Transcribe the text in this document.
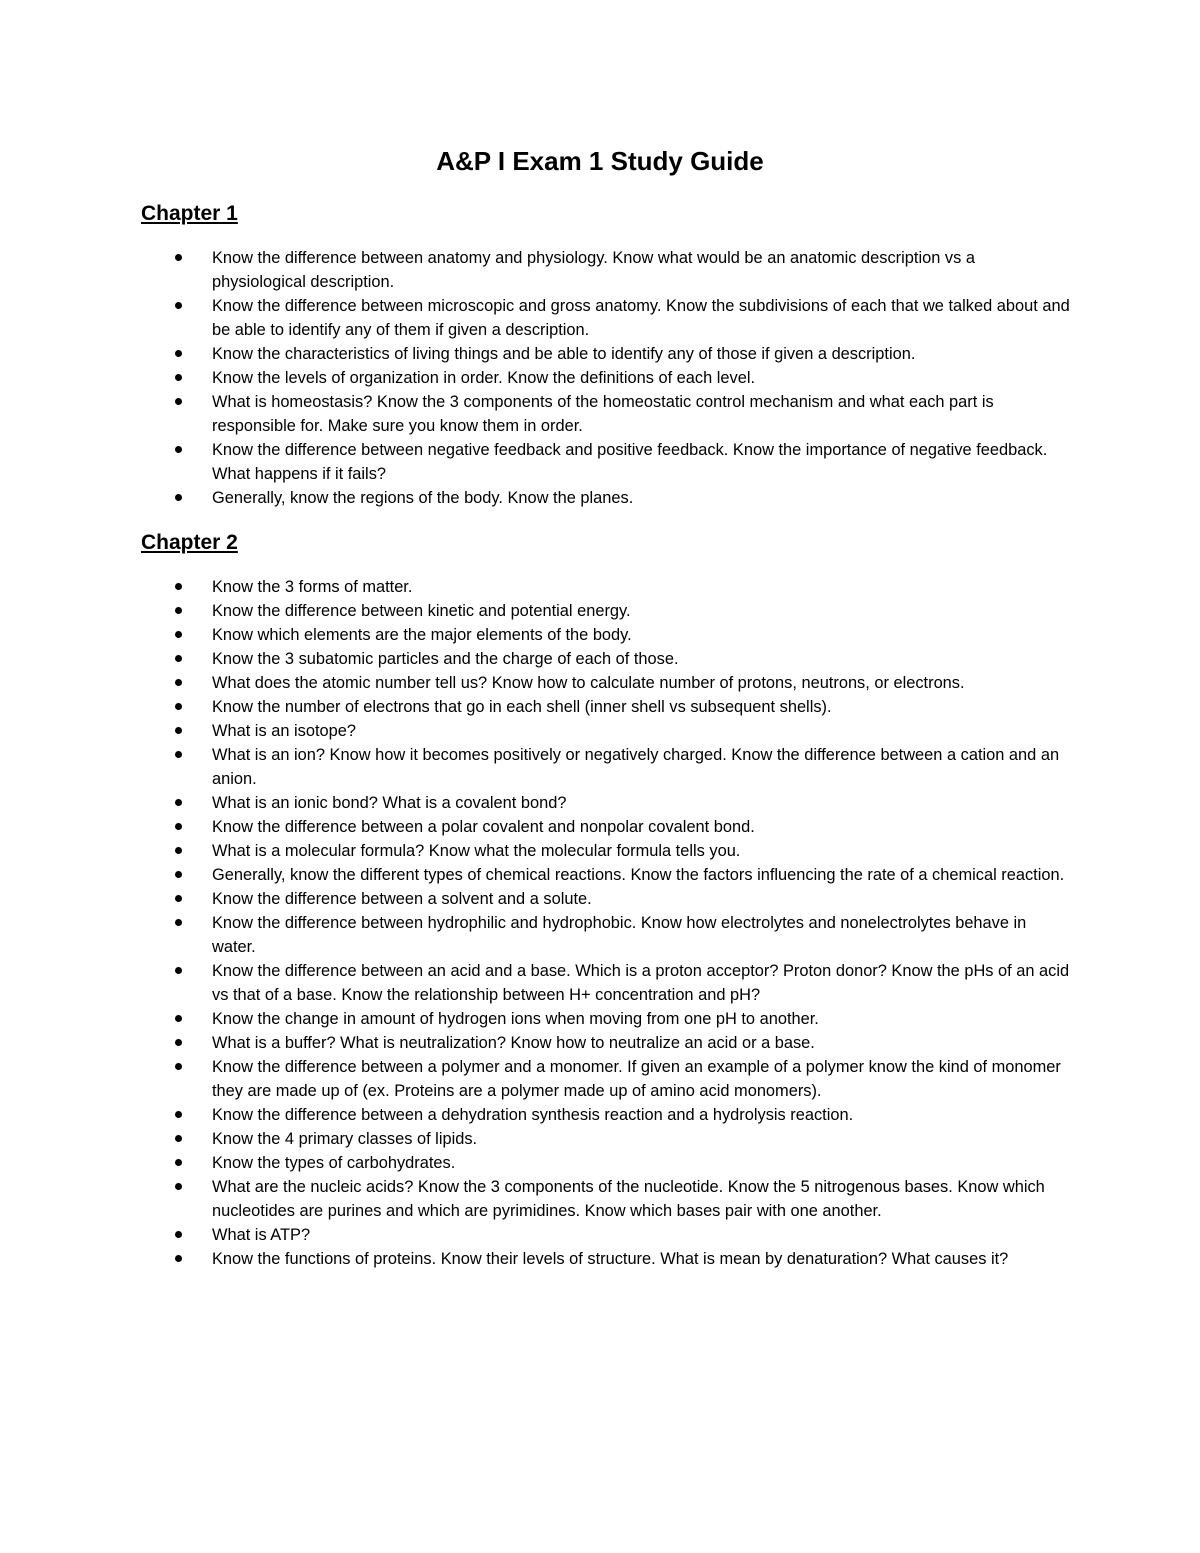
A&P I Exam 1 Study Guide
Chapter 1
Know the difference between anatomy and physiology. Know what would be an anatomic description vs a physiological description.
Know the difference between microscopic and gross anatomy. Know the subdivisions of each that we talked about and be able to identify any of them if given a description.
Know the characteristics of living things and be able to identify any of those if given a description.
Know the levels of organization in order. Know the definitions of each level.
What is homeostasis? Know the 3 components of the homeostatic control mechanism and what each part is responsible for. Make sure you know them in order.
Know the difference between negative feedback and positive feedback. Know the importance of negative feedback. What happens if it fails?
Generally, know the regions of the body. Know the planes.
Chapter 2
Know the 3 forms of matter.
Know the difference between kinetic and potential energy.
Know which elements are the major elements of the body.
Know the 3 subatomic particles and the charge of each of those.
What does the atomic number tell us? Know how to calculate number of protons, neutrons, or electrons.
Know the number of electrons that go in each shell (inner shell vs subsequent shells).
What is an isotope?
What is an ion? Know how it becomes positively or negatively charged. Know the difference between a cation and an anion.
What is an ionic bond? What is a covalent bond?
Know the difference between a polar covalent and nonpolar covalent bond.
What is a molecular formula? Know what the molecular formula tells you.
Generally, know the different types of chemical reactions. Know the factors influencing the rate of a chemical reaction.
Know the difference between a solvent and a solute.
Know the difference between hydrophilic and hydrophobic. Know how electrolytes and nonelectrolytes behave in water.
Know the difference between an acid and a base. Which is a proton acceptor? Proton donor? Know the pHs of an acid vs that of a base. Know the relationship between H+ concentration and pH?
Know the change in amount of hydrogen ions when moving from one pH to another.
What is a buffer? What is neutralization? Know how to neutralize an acid or a base.
Know the difference between a polymer and a monomer. If given an example of a polymer know the kind of monomer they are made up of (ex. Proteins are a polymer made up of amino acid monomers).
Know the difference between a dehydration synthesis reaction and a hydrolysis reaction.
Know the 4 primary classes of lipids.
Know the types of carbohydrates.
What are the nucleic acids? Know the 3 components of the nucleotide. Know the 5 nitrogenous bases. Know which nucleotides are purines and which are pyrimidines. Know which bases pair with one another.
What is ATP?
Know the functions of proteins. Know their levels of structure. What is mean by denaturation? What causes it?
